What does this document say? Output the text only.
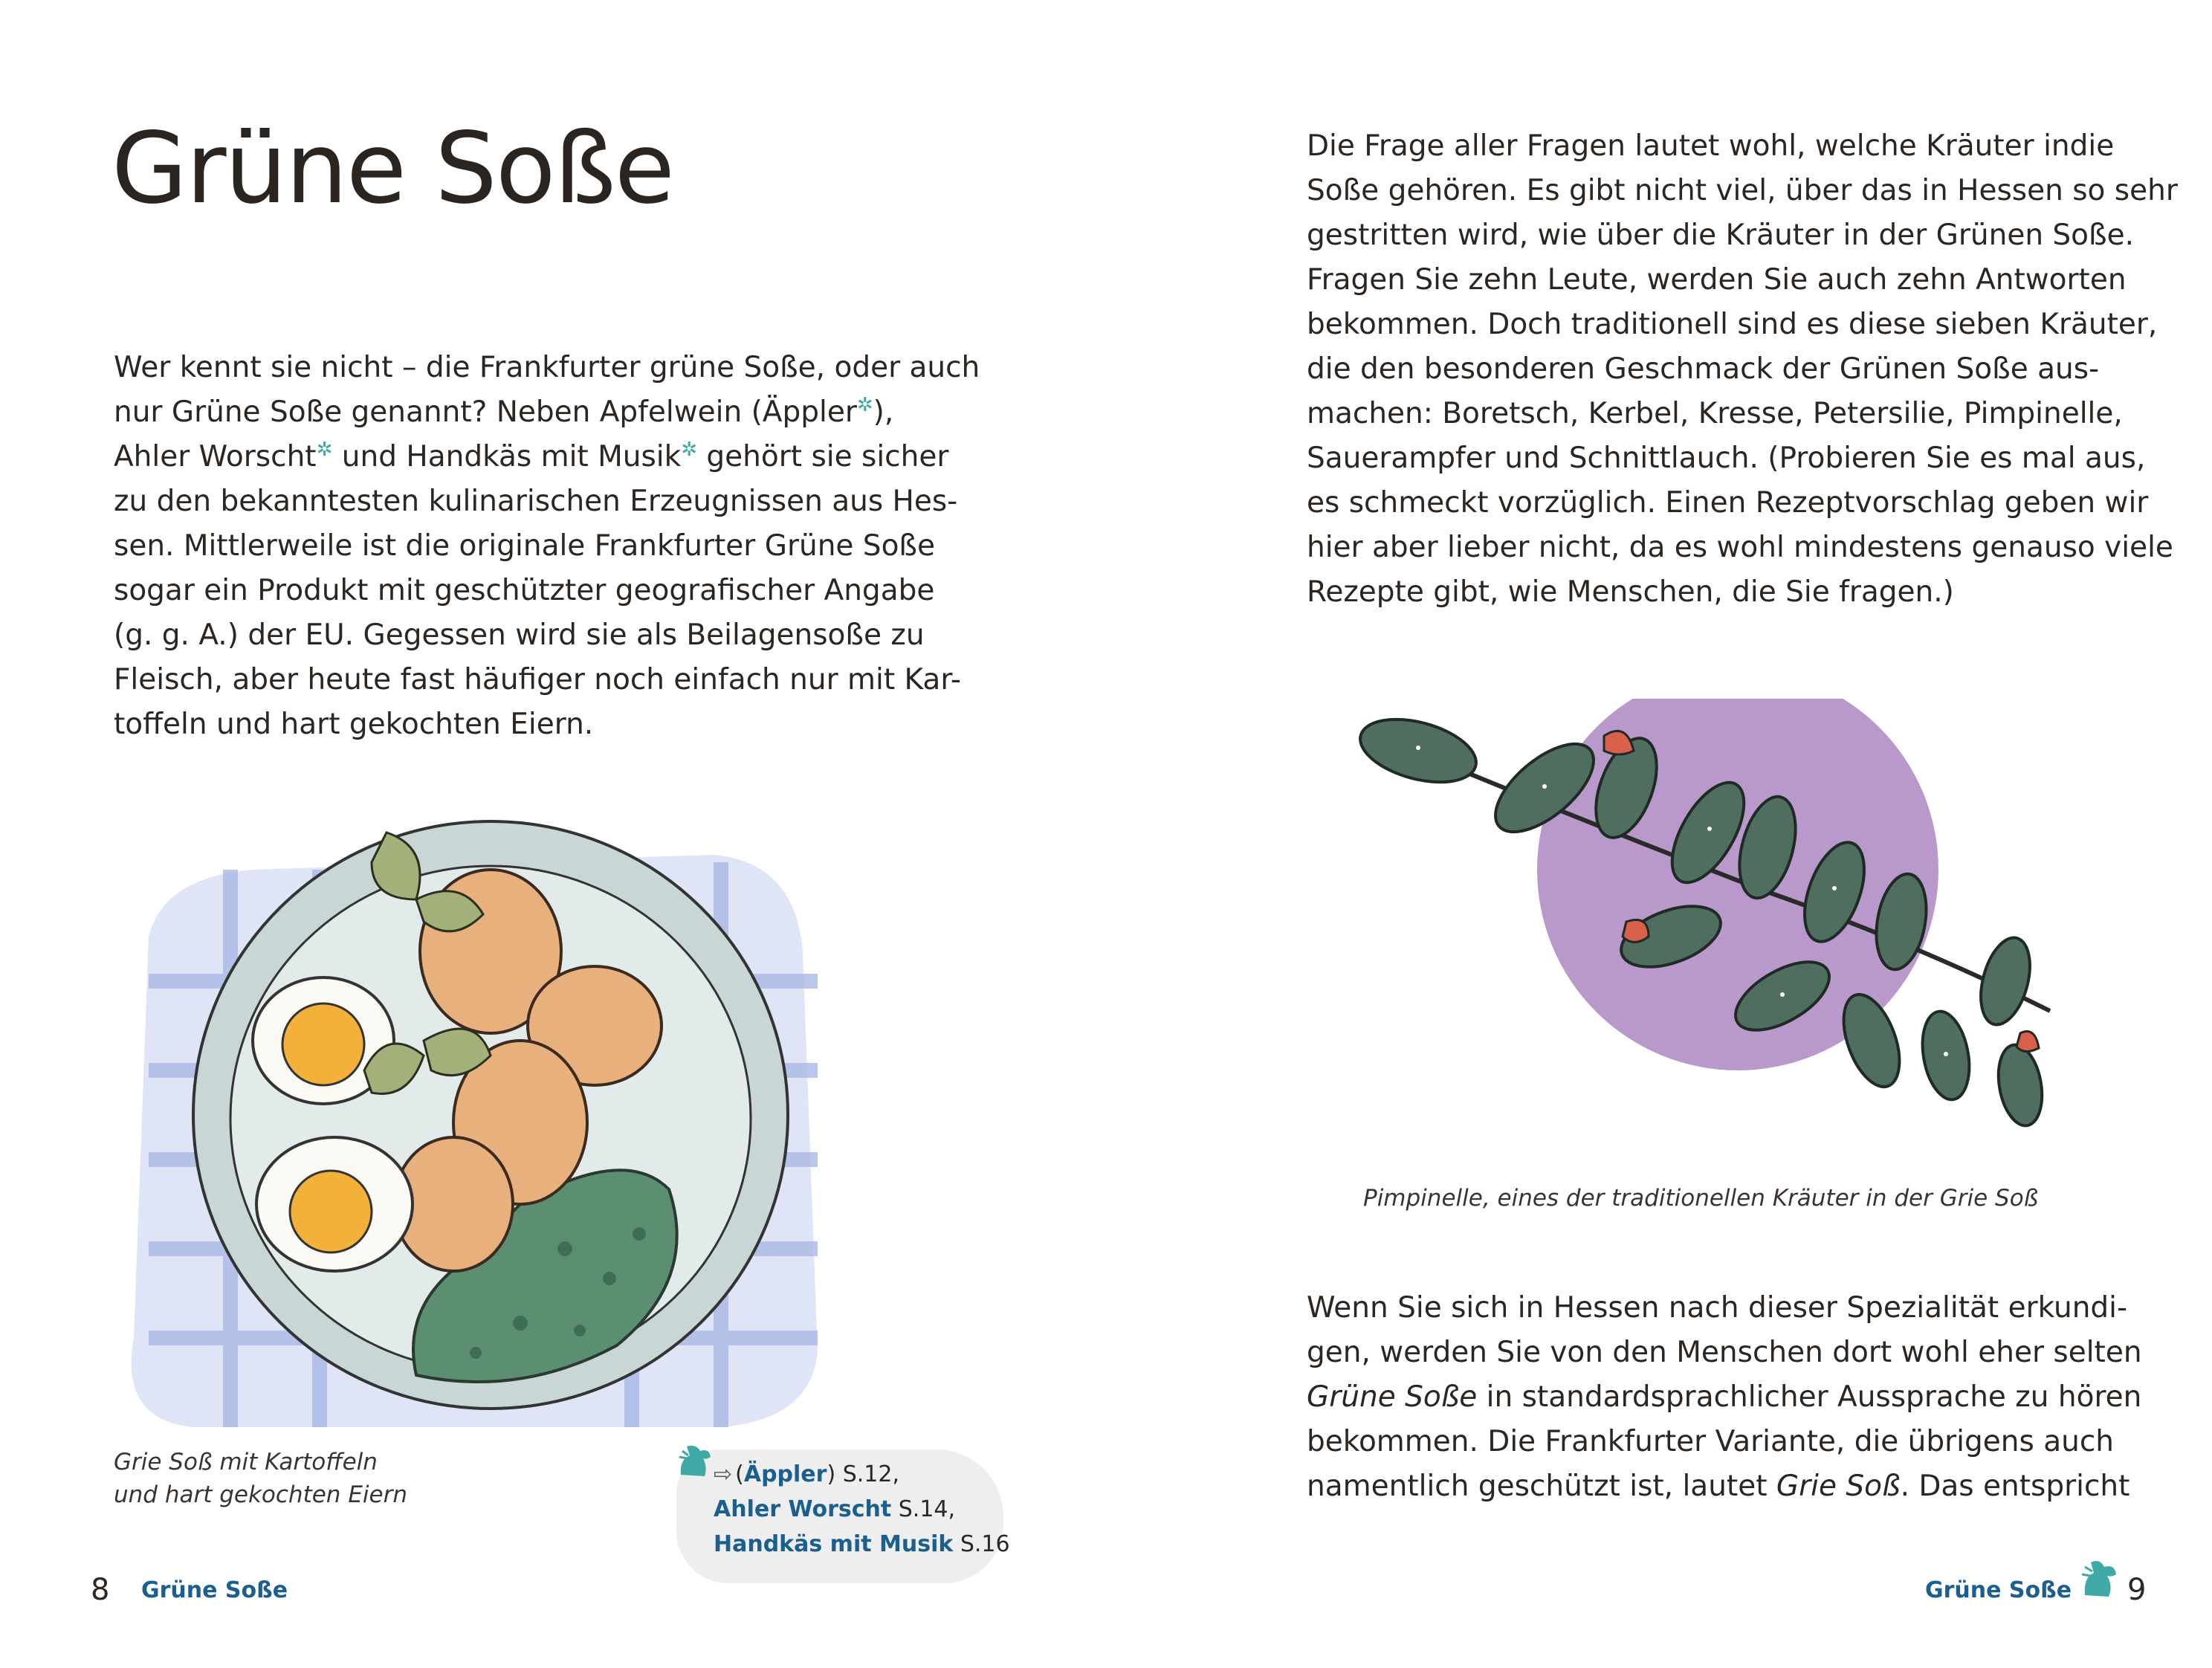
Grüne Soße
Wer kennt sie nicht – die Frankfurter grüne Soße, oder auch
nur Grüne Soße genannt? Neben Apfelwein (Äppler✲),
Ahler Worscht✲ und Handkäs mit Musik✲ gehört sie sicher
zu den bekanntesten kulinarischen Erzeugnissen aus Hes-
sen. Mittlerweile ist die originale Frankfurter Grüne Soße
sogar ein Produkt mit geschützter geografischer Angabe
(g. g. A.) der EU. Gegessen wird sie als Beilagensoße zu
Fleisch, aber heute fast häufiger noch einfach nur mit Kar-
toffeln und hart gekochten Eiern.
Grie Soß mit Kartoffeln
und hart gekochten Eiern
⇨ (Äppler) S.12,
Ahler Worscht S.14,
Handkäs mit Musik S.16
8 Grüne Soße
Die Frage aller Fragen lautet wohl, welche Kräuter indie
Soße gehören. Es gibt nicht viel, über das in Hessen so sehr
gestritten wird, wie über die Kräuter in der Grünen Soße.
Fragen Sie zehn Leute, werden Sie auch zehn Antworten
bekommen. Doch traditionell sind es diese sieben Kräuter,
die den besonderen Geschmack der Grünen Soße aus-
machen: Boretsch, Kerbel, Kresse, Petersilie, Pimpinelle,
Sauerampfer und Schnittlauch. (Probieren Sie es mal aus,
es schmeckt vorzüglich. Einen Rezeptvorschlag geben wir
hier aber lieber nicht, da es wohl mindestens genauso viele
Rezepte gibt, wie Menschen, die Sie fragen.)
Pimpinelle, eines der traditionellen Kräuter in der Grie Soß
Wenn Sie sich in Hessen nach dieser Spezialität erkundi-
gen, werden Sie von den Menschen dort wohl eher selten
Grüne Soße in standardsprachlicher Aussprache zu hören
bekommen. Die Frankfurter Variante, die übrigens auch
namentlich geschützt ist, lautet Grie Soß. Das entspricht
Grüne Soße 9
